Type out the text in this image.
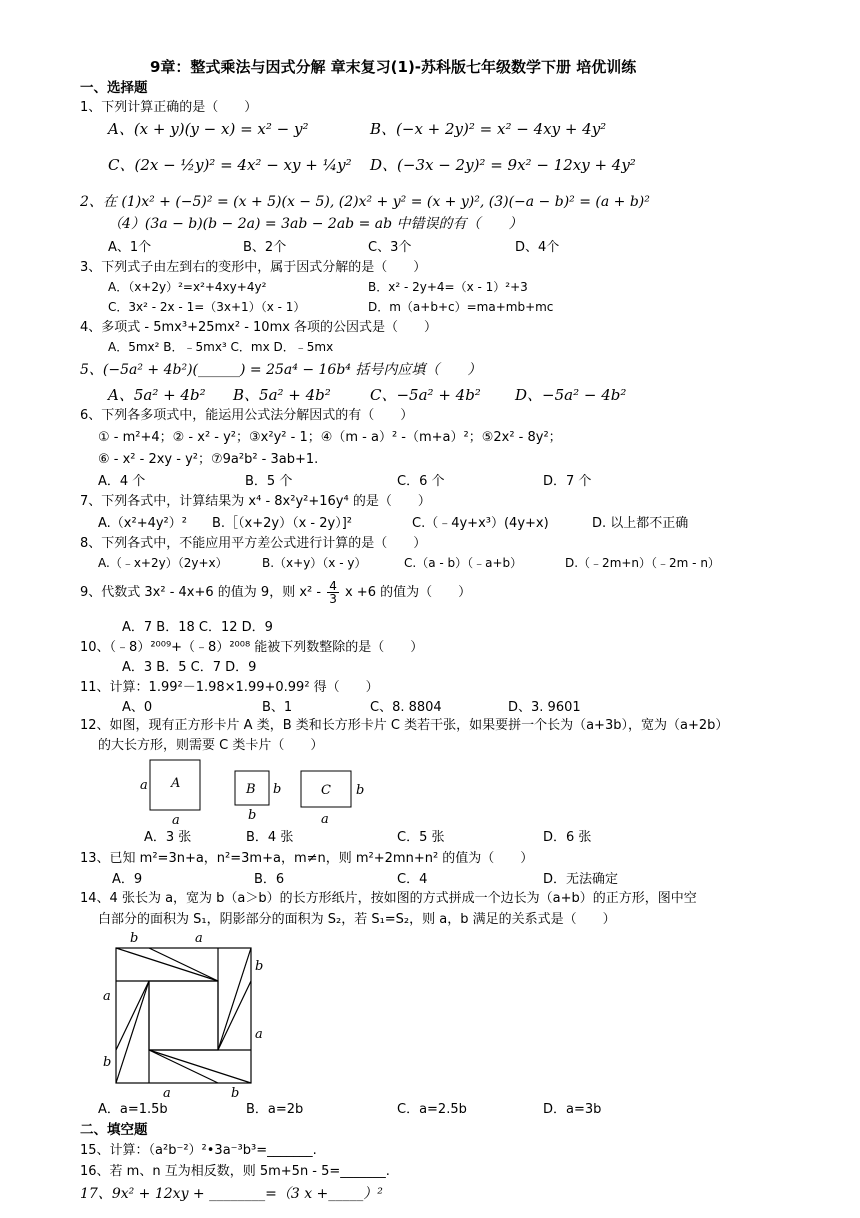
9章：整式乘法与因式分解 章末复习(1)-苏科版七年级数学下册 培优训练
一、选择题
1、下列计算正确的是（　　）
A、(x + y)(y − x) = x² − y²	B、(−x + 2y)² = x² − 4xy + 4y²
C、(2x − ½y)² = 4x² − xy + ¼y² D、(−3x − 2y)² = 9x² − 12xy + 4y²
2、在 (1)x² + (−5)² = (x + 5)(x − 5), (2)x² + y² = (x + y)², (3)(−a − b)² = (a + b)²
（4）(3a − b)(b − 2a) = 3ab − 2ab = ab 中错误的有（　　）
A、1个	B、2个	C、3个	D、4个
3、下列式子由左到右的变形中，属于因式分解的是（　　）
A．（x+2y）²=x²+4xy+4y²	B．x² - 2y+4=（x - 1）²+3
C．3x² - 2x - 1=（3x+1）（x - 1）	D．m（a+b+c）=ma+mb+mc
4、多项式 - 5mx³+25mx² - 10mx 各项的公因式是（　　）
A．5mx² B．﹣5mx³ C．mx D．﹣5mx
5、(−5a² + 4b²)(______) = 25a⁴ − 16b⁴ 括号内应填（　　）
A、5a² + 4b² B、5a² + 4b²	C、−5a² + 4b² D、−5a² − 4b²
6、下列各多项式中，能运用公式法分解因式的有（　　）
① - m²+4；② - x² - y²；③x²y² - 1；④（m - a）² -（m+a）²；⑤2x² - 8y²；
⑥ - x² - 2xy - y²；⑦9a²b² - 3ab+1.
A．4 个	B．5 个	C．6 个	D．7 个
7、下列各式中，计算结果为 x⁴ - 8x²y²+16y⁴ 的是（　　）
A.（x²+4y²）² B.［（x+2y）（x - 2y）]²	C.（﹣4y+x³）(4y+x)	D. 以上都不正确
8、下列各式中，不能应用平方差公式进行计算的是（　　）
A.（﹣x+2y）（2y+x）	B.（x+y）（x - y）	C.（a - b）（﹣a+b）	D.（﹣2m+n）（﹣2m - n）
9、代数式 3x² - 4x+6 的值为 9，则 $x^2 - \frac{4}{3}$ x +6 的值为（　　）
A．7 B．18 C．12 D．9
10、（﹣8）²⁰⁰⁹+（﹣8）²⁰⁰⁸ 能被下列数整除的是（　　）
A．3 B．5 C．7 D．9
11、计算：1.99²－1.98×1.99+0.99² 得（　　）
A、0	B、1	C、8. 8804	D、3. 9601
12、如图，现有正方形卡片 A 类，B 类和长方形卡片 C 类若干张，如果要拼一个长为（a+3b），宽为（a+2b）
的大长方形，则需要 C 类卡片（　　）
A
a
a
B b
b
C b
a
A．3 张	B．4 张	C．5 张	D．6 张
13、已知 m²=3n+a，n²=3m+a，m≠n，则 m²+2mn+n² 的值为（　　）
A．9	B．6	C．4	D．无法确定
14、4 张长为 a，宽为 b（a＞b）的长方形纸片，按如图的方式拼成一个边长为（a+b）的正方形，图中空
白部分的面积为 S₁，阴影部分的面积为 S₂，若 S₁=S₂，则 a，b 满足的关系式是（　　）
b	a
b
a
a
b
a	b
A．a=1.5b	B．a=2b	C．a=2.5b	D．a=3b
二、填空题
15、计算：（a²b⁻²）²•3a⁻³b³=_______.
16、若 m、n 互为相反数，则 5m+5n - 5=_______.
17、9x² + 12xy + ________=（3 x +_____）²
